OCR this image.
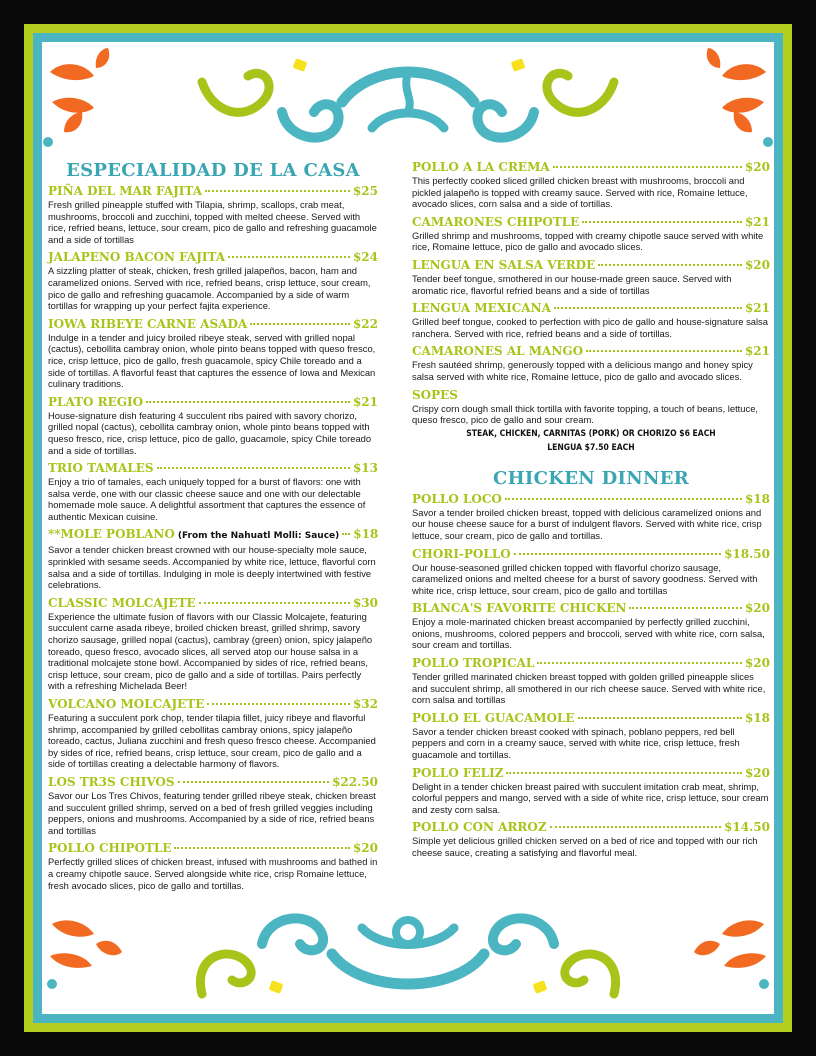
ESPECIALIDAD DE LA CASA
PIÑA DEL MAR FAJITA	$25
Fresh grilled pineapple stuffed with Tilapia, shrimp, scallops, crab meat, mushrooms, broccoli and zucchini, topped with melted cheese. Served with rice, refried beans, lettuce, sour cream, pico de gallo and refreshing guacamole and a side of tortillas
JALAPENO BACON FAJITA	$24
A sizzling platter of steak, chicken, fresh grilled jalapeños, bacon, ham and caramelized onions. Served with rice, refried beans, crisp lettuce, sour cream, pico de gallo and refreshing guacamole. Accompanied by a side of warm tortillas for wrapping up your perfect fajita experience.
IOWA RIBEYE CARNE ASADA	$22
Indulge in a tender and juicy broiled ribeye steak, served with grilled nopal (cactus), cebollita cambray onion, whole pinto beans topped with queso fresco, rice, crisp lettuce, pico de gallo, fresh guacamole, spicy Chile toreado and a side of tortillas. A flavorful feast that captures the essence of Iowa and Mexican culinary traditions.
PLATO REGIO	$21
House-signature dish featuring 4 succulent ribs paired with savory chorizo, grilled nopal (cactus), cebollita cambray onion, whole pinto beans topped with queso fresco, rice, crisp lettuce, pico de gallo, guacamole, spicy Chile toreado and a side of tortillas.
TRIO TAMALES	$13
Enjoy a trio of tamales, each uniquely topped for a burst of flavors: one with salsa verde, one with our classic cheese sauce and one with our delectable homemade mole sauce. A delightful assortment that captures the essence of authentic Mexican cuisine.
**MOLE POBLANO (From the Nahuatl Molli: Sauce) $18
Savor a tender chicken breast crowned with our house-specialty mole sauce, sprinkled with sesame seeds. Accompanied by white rice, lettuce, flavorful corn salsa and a side of tortillas. Indulging in mole is deeply intertwined with festive celebrations.
CLASSIC MOLCAJETE	$30
Experience the ultimate fusion of flavors with our Classic Molcajete, featuring succulent carne asada ribeye, broiled chicken breast, grilled shrimp, savory chorizo sausage, grilled nopal (cactus), cambray (green) onion, spicy jalapeño toreado, queso fresco, avocado slices, all served atop our house salsa in a traditional molcajete stone bowl. Accompanied by sides of rice, refried beans, crisp lettuce, sour cream, pico de gallo and a side of tortillas. Pairs perfectly with a refreshing Michelada Beer!
VOLCANO MOLCAJETE	$32
Featuring a succulent pork chop, tender tilapia fillet, juicy ribeye and flavorful shrimp, accompanied by grilled cebollitas cambray onions, spicy jalapeño toreado, cactus, Juliana zucchini and fresh queso fresco cheese. Accompanied by sides of rice, refried beans, crisp lettuce, sour cream, pico de gallo and a side of tortillas creating a delectable harmony of flavors.
LOS TR3S CHIVOS	$22.50
Savor our Los Tres Chivos, featuring tender grilled ribeye steak, chicken breast and succulent grilled shrimp, served on a bed of fresh grilled veggies including peppers, onions and mushrooms. Accompanied by a side of rice, refried beans and tortillas
POLLO CHIPOTLE	$20
Perfectly grilled slices of chicken breast, infused with mushrooms and bathed in a creamy chipotle sauce. Served alongside white rice, crisp Romaine lettuce, fresh avocado slices, pico de gallo and tortillas.
POLLO A LA CREMA	$20
This perfectly cooked sliced grilled chicken breast with mushrooms, broccoli and pickled jalapeño is topped with creamy sauce. Served with rice, Romaine lettuce, avocado slices, corn salsa and a side of tortillas.
CAMARONES CHIPOTLE	$21
Grilled shrimp and mushrooms, topped with creamy chipotle sauce served with white rice, Romaine lettuce, pico de gallo and avocado slices.
LENGUA EN SALSA VERDE	$20
Tender beef tongue, smothered in our house-made green sauce. Served with aromatic rice, flavorful refried beans and a side of tortillas
LENGUA MEXICANA	$21
Grilled beef tongue, cooked to perfection with pico de gallo and house-signature salsa ranchera. Served with rice, refried beans and a side of tortillas.
CAMARONES AL MANGO	$21
Fresh sautéed shrimp, generously topped with a delicious mango and honey spicy salsa served with white rice, Romaine lettuce, pico de gallo and avocado slices.
SOPES
Crispy corn dough small thick tortilla with favorite topping, a touch of beans, lettuce, queso fresco, pico de gallo and sour cream.
STEAK, CHICKEN, CARNITAS (PORK) OR CHORIZO $6 EACH
LENGUA $7.50 EACH
CHICKEN DINNER
POLLO LOCO	$18
Savor a tender broiled chicken breast, topped with delicious caramelized onions and our house cheese sauce for a burst of indulgent flavors. Served with white rice, crisp lettuce, sour cream, pico de gallo and tortillas.
CHORI-POLLO	$18.50
Our house-seasoned grilled chicken topped with flavorful chorizo sausage, caramelized onions and melted cheese for a burst of savory goodness. Served with white rice, crisp lettuce, sour cream, pico de gallo and tortillas
BLANCA'S FAVORITE CHICKEN	$20
Enjoy a mole-marinated chicken breast accompanied by perfectly grilled zucchini, onions, mushrooms, colored peppers and broccoli, served with white rice, corn salsa, sour cream and tortillas.
POLLO TROPICAL	$20
Tender grilled marinated chicken breast topped with golden grilled pineapple slices and succulent shrimp, all smothered in our rich cheese sauce. Served with white rice, corn salsa and tortillas
POLLO EL GUACAMOLE	$18
Savor a tender chicken breast cooked with spinach, poblano peppers, red bell peppers and corn in a creamy sauce, served with white rice, crisp lettuce, fresh guacamole and tortillas.
POLLO FELIZ	$20
Delight in a tender chicken breast paired with succulent imitation crab meat, shrimp, colorful peppers and mango, served with a side of white rice, crisp lettuce, sour cream and zesty corn salsa.
POLLO CON ARROZ	$14.50
Simple yet delicious grilled chicken served on a bed of rice and topped with our rich cheese sauce, creating a satisfying and flavorful meal.
